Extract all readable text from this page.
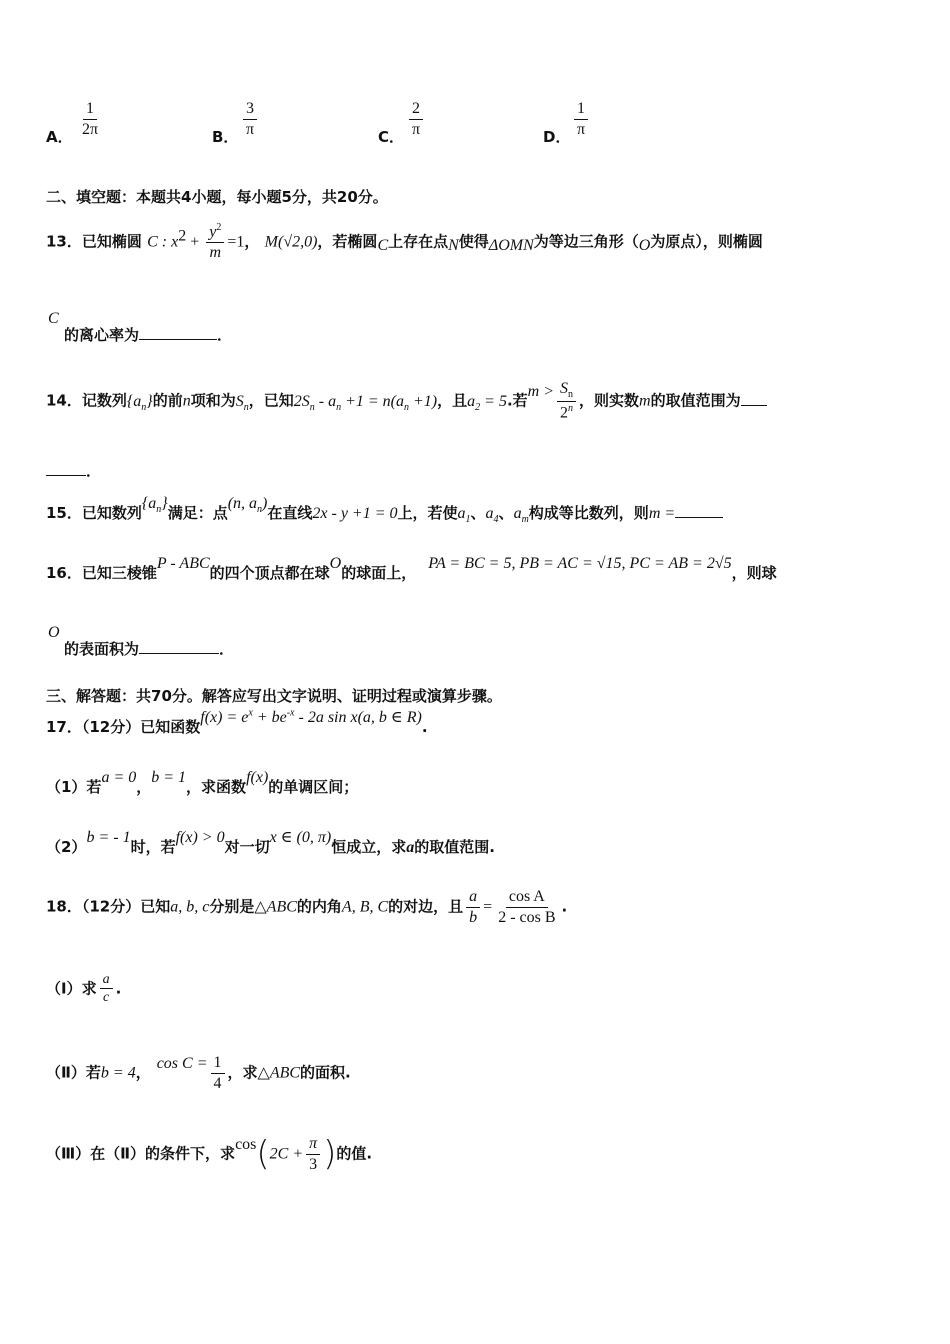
A． $\frac{1}{2\pi}$	B． $\frac{3}{\pi}$	C． $\frac{2}{\pi}$	D． $\frac{1}{\pi}$
二、填空题：本题共4小题，每小题5分，共20分。
13．已知椭圆 C : $x^2 + \frac{y^2}{m} =1$， M(√2,0)，若椭圆C上存在点N使得ΔOMN为等边三角形（O为原点），则椭圆
C
的离心率为	．
14．记数列$\{a_n\}$的前n项和为$S_n$，已知$2S_n - a_n +1 = n(a_n +1)$，且$a_2 = 5$.若$m > \frac{S_n}{2^n}$ ，则实数m的取值范围为
．
15．已知数列$\{a_n\}$满足：点(n, $a_n$)在直线2x - y +1 = 0上，若使$a_1$、$a_4$、$a_m$构成等比数列，则m =
16．已知三棱锥P - ABC的四个顶点都在球O的球面上，PA = BC = 5, PB = AC = √15, PC = AB = 2√5，则球
O
的表面积为	．
三、解答题：共70分。解答应写出文字说明、证明过程或演算步骤。
17．（12分）已知函数$f(x) = e^x + be^{-x} - 2a$ sin x(a, b ∈ R).
（1）若a = 0，b = 1，求函数f(x)的单调区间；
（2）b = - 1时，若f(x) > 0对一切x ∈ (0, π)恒成立，求a的取值范围.
18．（12分）已知a, b, c分别是△ABC的内角A, B, C的对边，且 $\frac{a}{b} = \frac{\text{cos A}}{\text{2 - cos B}}$ .
（Ⅰ）求 $\frac{a}{c}$ .
（Ⅱ）若b = 4，$\cos C = \frac{1}{4}$ ，求△ABC的面积.
（Ⅲ）在（Ⅱ）的条件下，求$\cos(2C + \frac{\pi}{3}$ )的值.
